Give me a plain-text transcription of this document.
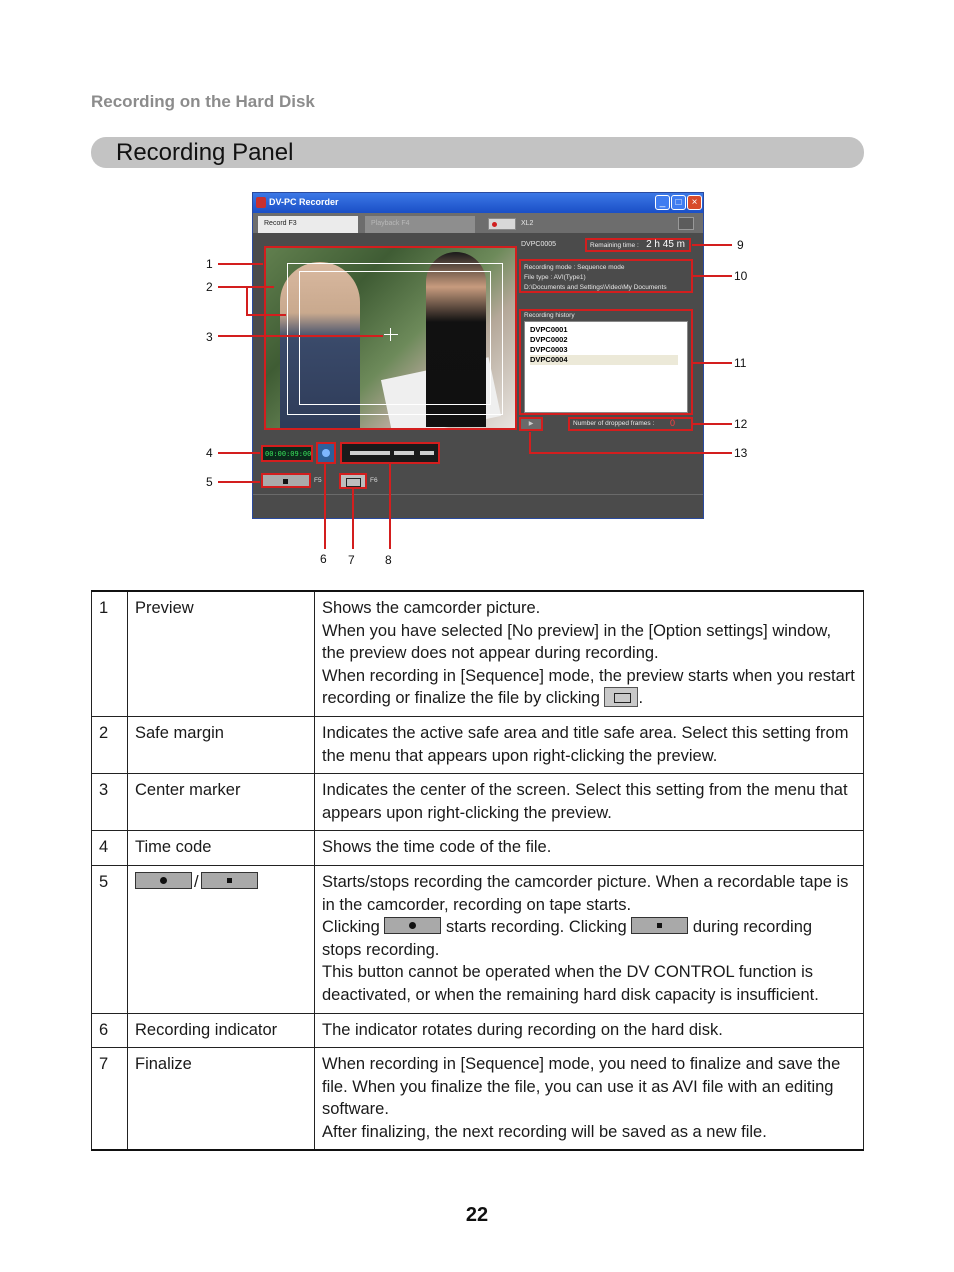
Recording on the Hard Disk
Recording Panel
DV-PC Recorder	_	□	×
Record F3	Playback F4	XL2
DVPC0005	Remaining time : 2 h 45 m
Recording mode : Sequence mode
File type : AVI(Type1)
D:\Documents and Settings\Video\My Documents
Recording history
DVPC0001
DVPC0002
DVPC0003
DVPC0004
▶	Number of dropped frames : 0
00:00:09:00
F5	F6
1
2
3
4
5
6 7	8
9
10
11
12
13
1	Preview	Shows the camcorder picture.
When you have selected [No preview] in the [Option settings] window, the preview does not appear during recording.
When recording in [Sequence] mode, the preview starts when you restart recording or finalize the file by clicking .
2	Safe margin	Indicates the active safe area and title safe area. Select this setting from the menu that appears upon right-clicking the preview.
3	Center marker	Indicates the center of the screen. Select this setting from the menu that appears upon right-clicking the preview.
4	Time code	Shows the time code of the file.
5	/	Starts/stops recording the camcorder picture. When a recordable tape is in the camcorder, recording on tape starts.
Clicking starts recording. Clicking during recording stops recording.
This button cannot be operated when the DV CONTROL function is deactivated, or when the remaining hard disk capacity is insufficient.

6	Recording indicator	The indicator rotates during recording on the hard disk.
7	Finalize	When recording in [Sequence] mode, you need to finalize and save the file. When you finalize the file, you can use it as AVI file with an editing software.
After finalizing, the next recording will be saved as a new file.
22
